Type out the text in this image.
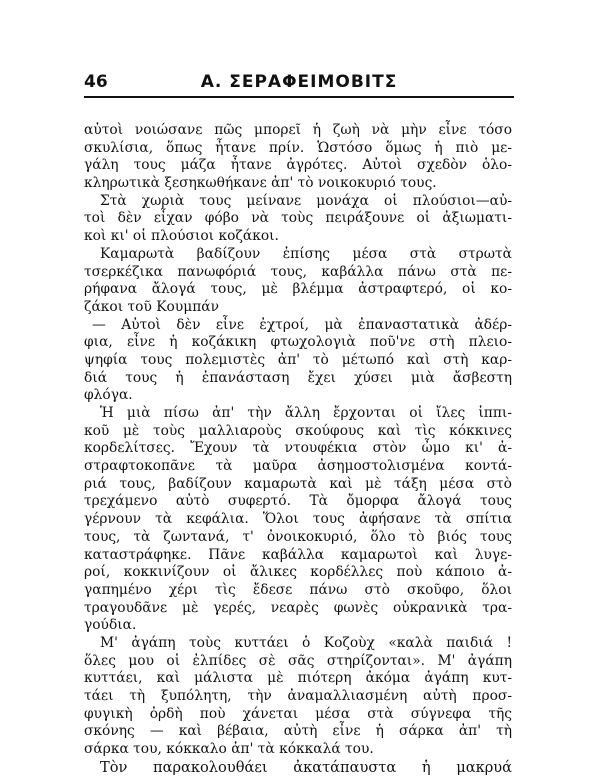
46	Α. ΣΕΡΑΦΕΙΜΟΒΙΤΣ
αὐτοὶ νοιώσανε πῶς μπορεῖ ἡ ζωὴ νὰ μὴν εἶνε τόσο
σκυλίσια, ὅπως ἦτανε πρίν. Ὡστόσο ὅμως ἡ πιὸ με-
γάλη τους μάζα ἦτανε ἀγρότες. Αὐτοὶ σχεδὸν ὁλο-
κληρωτικὰ ξεσηκωθήκανε ἀπ' τὸ νοικοκυριό τους.
Στὰ χωριὰ τους μείνανε μονάχα οἱ πλούσιοι—αὐ-
τοὶ δὲν εἶχαν φόβο νὰ τοὺς πειράξουνε οἱ ἀξιωματι-
κοὶ κι' οἱ πλούσιοι κοζάκοι.
Καμαρωτὰ βαδίζουν ἐπίσης μέσα στὰ στρωτὰ
τσερκέζικα πανωφόριά τους, καβάλλα πάνω στὰ πε-
ρήφανα ἄλογά τους, μὲ βλέμμα ἀστραφτερό, οἱ κο-
ζάκοι τοῦ Κουμπάν
— Αὐτοὶ δὲν εἶνε ἐχτροί, μὰ ἐπαναστατικὰ ἀδέρ-
φια, εἶνε ἡ κοζάκικη φτωχολογιὰ ποῦ'νε στὴ πλειο-
ψηφία τους πολεμιστὲς ἀπ' τὸ μέτωπό καὶ στὴ καρ-
διά τους ἡ ἐπανάσταση ἔχει χύσει μιὰ ἄσβεστη
φλόγα.
Ἡ μιὰ πίσω ἀπ' τὴν ἄλλη ἔρχονται οἱ ἴλες ἱππι-
κοῦ μὲ τοὺς μαλλιαροὺς σκούφους καὶ τὶς κόκκινες
κορδελίτσες. Ἔχουν τὰ ντουφέκια στὸν ὦμο κι' ἀ-
στραφτοκοπᾶνε τὰ μαῦρα ἀσημοστολισμένα κοντά-
ριά τους, βαδίζουν καμαρωτὰ καὶ μὲ τάξη μέσα στὸ
τρεχάμενο αὐτὸ συφερτό. Τὰ ὄμορφα ἄλογά τους
γέρνουν τὰ κεφάλια. Ὅλοι τους ἀφήσανε τὰ σπίτια
τους, τὰ ζωντανά, τ' ὀνοικοκυριό, ὅλο τὸ βιός τους
καταστράφηκε. Πᾶνε καβάλλα καμαρωτοὶ καὶ λυγε-
ροί, κοκκινίζουν οἱ ἄλικες κορδέλλες ποὺ κάποιο ἀ-
γαπημένο χέρι τὶς ἔδεσε πάνω στὸ σκοῦφο, ὅλοι
τραγουδᾶνε μὲ γερές, νεαρὲς φωνὲς οὐκρανικὰ τρα-
γούδια.
Μ' ἀγάπη τοὺς κυττάει ὁ Κοζοὺχ «καλὰ παιδιά !
ὅλες μου οἱ ἐλπίδες σὲ σᾶς στηρίζονται». Μ' ἀγάπη
κυττάει, καὶ μάλιστα μὲ πιότερη ἀκόμα ἀγάπη κυτ-
τάει τὴ ξυπόλητη, τὴν ἀναμαλλιασμένη αὐτὴ προσ-
φυγικὴ ὀρδὴ ποὺ χάνεται μέσα στὰ σύγνεφα τῆς
σκόνης — καὶ βέβαια, αὐτὴ εἶνε ἡ σάρκα ἀπ' τὴ
σάρκα του, κόκκαλο ἀπ' τὰ κόκκαλά του.
Τὸν παρακολουθάει ἀκατάπαυστα ἡ μακρυά
